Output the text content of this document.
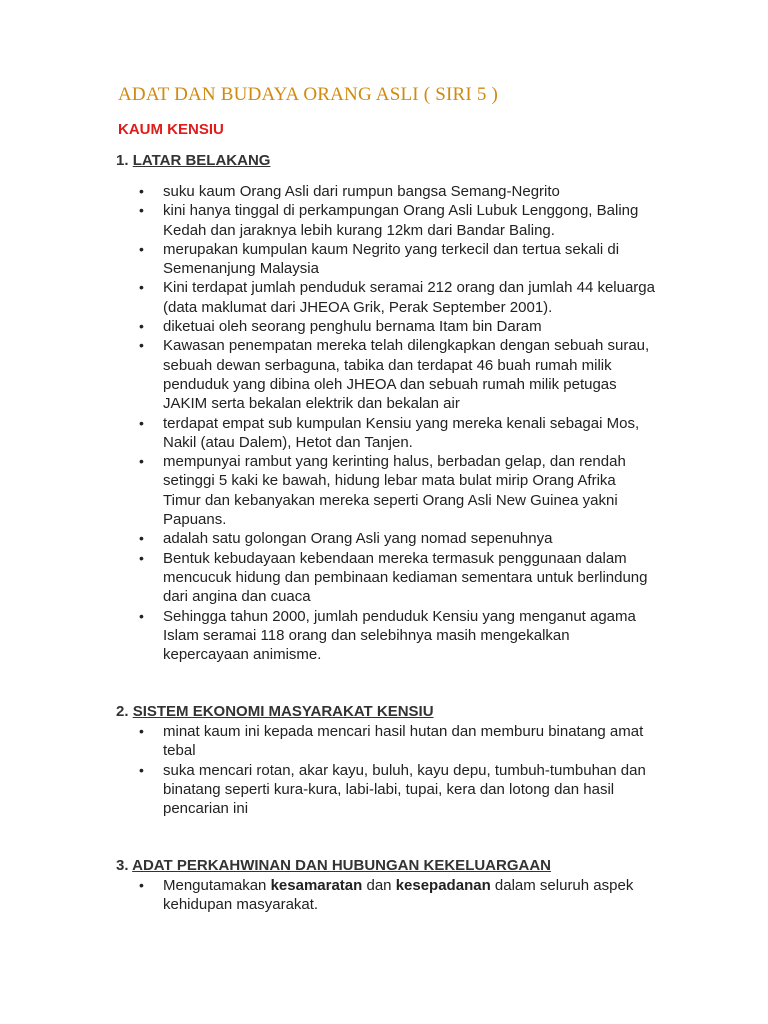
ADAT DAN BUDAYA ORANG ASLI ( SIRI 5 )
KAUM KENSIU
1. LATAR BELAKANG
• suku kaum Orang Asli dari rumpun bangsa Semang-Negrito
• kini hanya tinggal di perkampungan Orang Asli Lubuk Lenggong, Baling Kedah dan jaraknya lebih kurang 12km dari Bandar Baling.
• merupakan kumpulan kaum Negrito yang terkecil dan tertua sekali di Semenanjung Malaysia
• Kini terdapat jumlah penduduk seramai 212 orang dan jumlah 44 keluarga (data maklumat dari JHEOA Grik, Perak September 2001).
• diketuai oleh seorang penghulu bernama Itam bin Daram
• Kawasan penempatan mereka telah dilengkapkan dengan sebuah surau, sebuah dewan serbaguna, tabika dan terdapat 46 buah rumah milik penduduk yang dibina oleh JHEOA dan sebuah rumah milik petugas JAKIM serta bekalan elektrik dan bekalan air
• terdapat empat sub kumpulan Kensiu yang mereka kenali sebagai Mos, Nakil (atau Dalem), Hetot dan Tanjen.
• mempunyai rambut yang kerinting halus, berbadan gelap, dan rendah setinggi 5 kaki ke bawah, hidung lebar mata bulat mirip Orang Afrika Timur dan kebanyakan mereka seperti Orang Asli New Guinea yakni Papuans.
• adalah satu golongan Orang Asli yang nomad sepenuhnya
• Bentuk kebudayaan kebendaan mereka termasuk penggunaan dalam mencucuk hidung dan pembinaan kediaman sementara untuk berlindung dari angina dan cuaca
• Sehingga tahun 2000, jumlah penduduk Kensiu yang menganut agama Islam seramai 118 orang dan selebihnya masih mengekalkan kepercayaan animisme.
2. SISTEM EKONOMI MASYARAKAT KENSIU
• minat kaum ini kepada mencari hasil hutan dan memburu binatang amat tebal
• suka mencari rotan, akar kayu, buluh, kayu depu, tumbuh-tumbuhan dan binatang seperti kura-kura, labi-labi, tupai, kera dan lotong dan hasil pencarian ini
3. ADAT PERKAHWINAN DAN HUBUNGAN KEKELUARGAAN
• Mengutamakan kesamaratan dan kesepadanan dalam seluruh aspek kehidupan masyarakat.
